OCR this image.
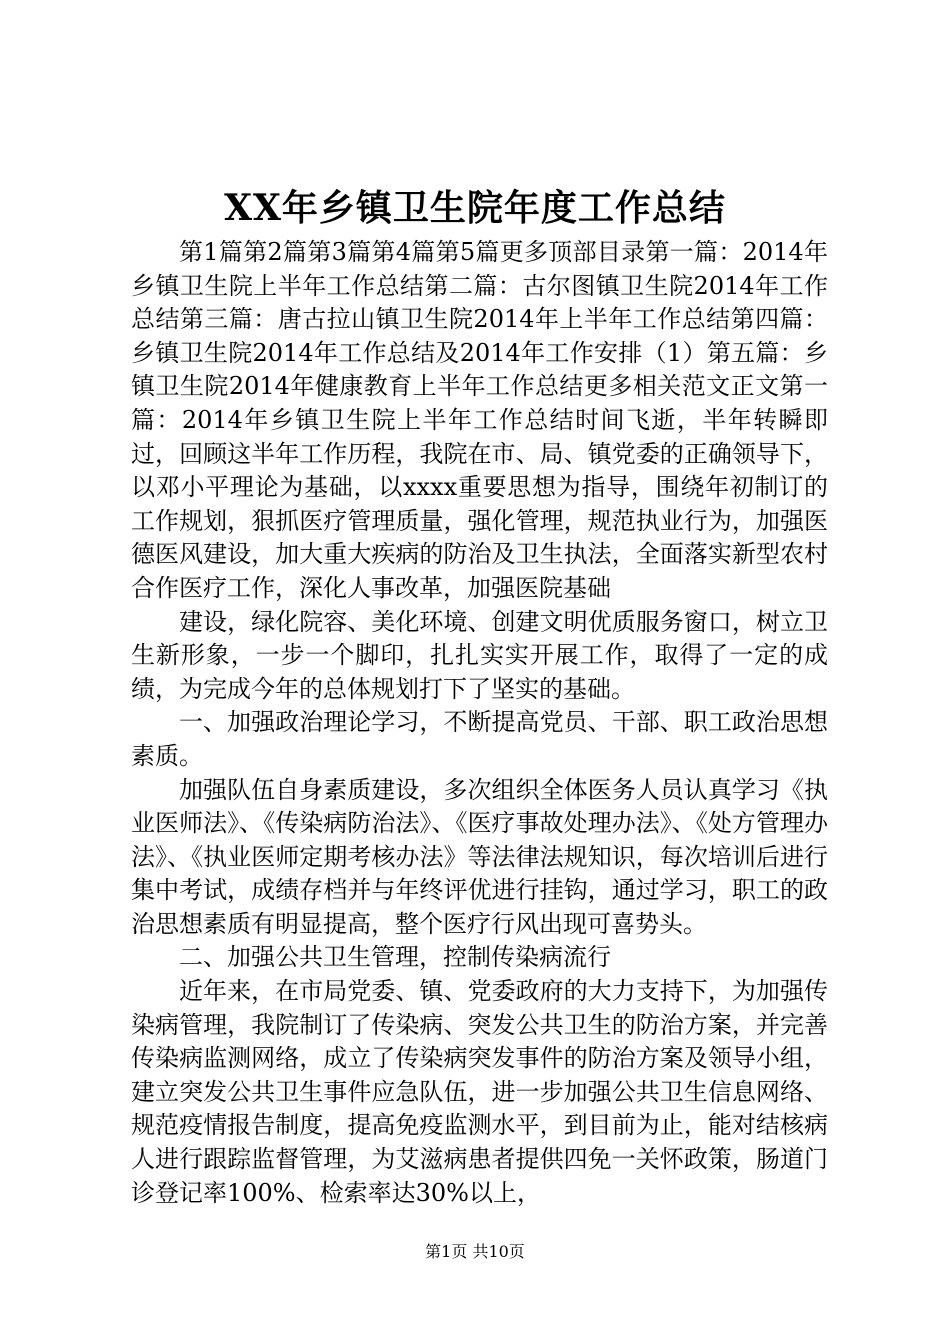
XX年乡镇卫生院年度工作总结

第1篇第2篇第3篇第4篇第5篇更多顶部目录第一篇：2014年乡镇卫生院上半年工作总结第二篇：古尔图镇卫生院2014年工作总结第三篇：唐古拉山镇卫生院2014年上半年工作总结第四篇：乡镇卫生院2014年工作总结及2014年工作安排（1）第五篇：乡镇卫生院2014年健康教育上半年工作总结更多相关范文正文第一篇：2014年乡镇卫生院上半年工作总结时间飞逝，半年转瞬即过，回顾这半年工作历程，我院在市、局、镇党委的正确领导下，以邓小平理论为基础，以xxxx重要思想为指导，围绕年初制订的工作规划，狠抓医疗管理质量，强化管理，规范执业行为，加强医德医风建设，加大重大疾病的防治及卫生执法，全面落实新型农村合作医疗工作，深化人事改革，加强医院基础

建设，绿化院容、美化环境、创建文明优质服务窗口，树立卫生新形象，一步一个脚印，扎扎实实开展工作，取得了一定的成绩，为完成今年的总体规划打下了坚实的基础。

一、加强政治理论学习，不断提高党员、干部、职工政治思想素质。

加强队伍自身素质建设，多次组织全体医务人员认真学习《执业医师法》、《传染病防治法》、《医疗事故处理办法》、《处方管理办法》、《执业医师定期考核办法》等法律法规知识，每次培训后进行集中考试，成绩存档并与年终评优进行挂钩，通过学习，职工的政治思想素质有明显提高，整个医疗行风出现可喜势头。

二、加强公共卫生管理，控制传染病流行

近年来，在市局党委、镇、党委政府的大力支持下，为加强传染病管理，我院制订了传染病、突发公共卫生的防治方案，并完善传染病监测网络，成立了传染病突发事件的防治方案及领导小组，建立突发公共卫生事件应急队伍，进一步加强公共卫生信息网络、规范疫情报告制度，提高免疫监测水平，到目前为止，能对结核病人进行跟踪监督管理，为艾滋病患者提供四免一关怀政策，肠道门诊登记率100%、检索率达30%以上，

第1页 共10页
